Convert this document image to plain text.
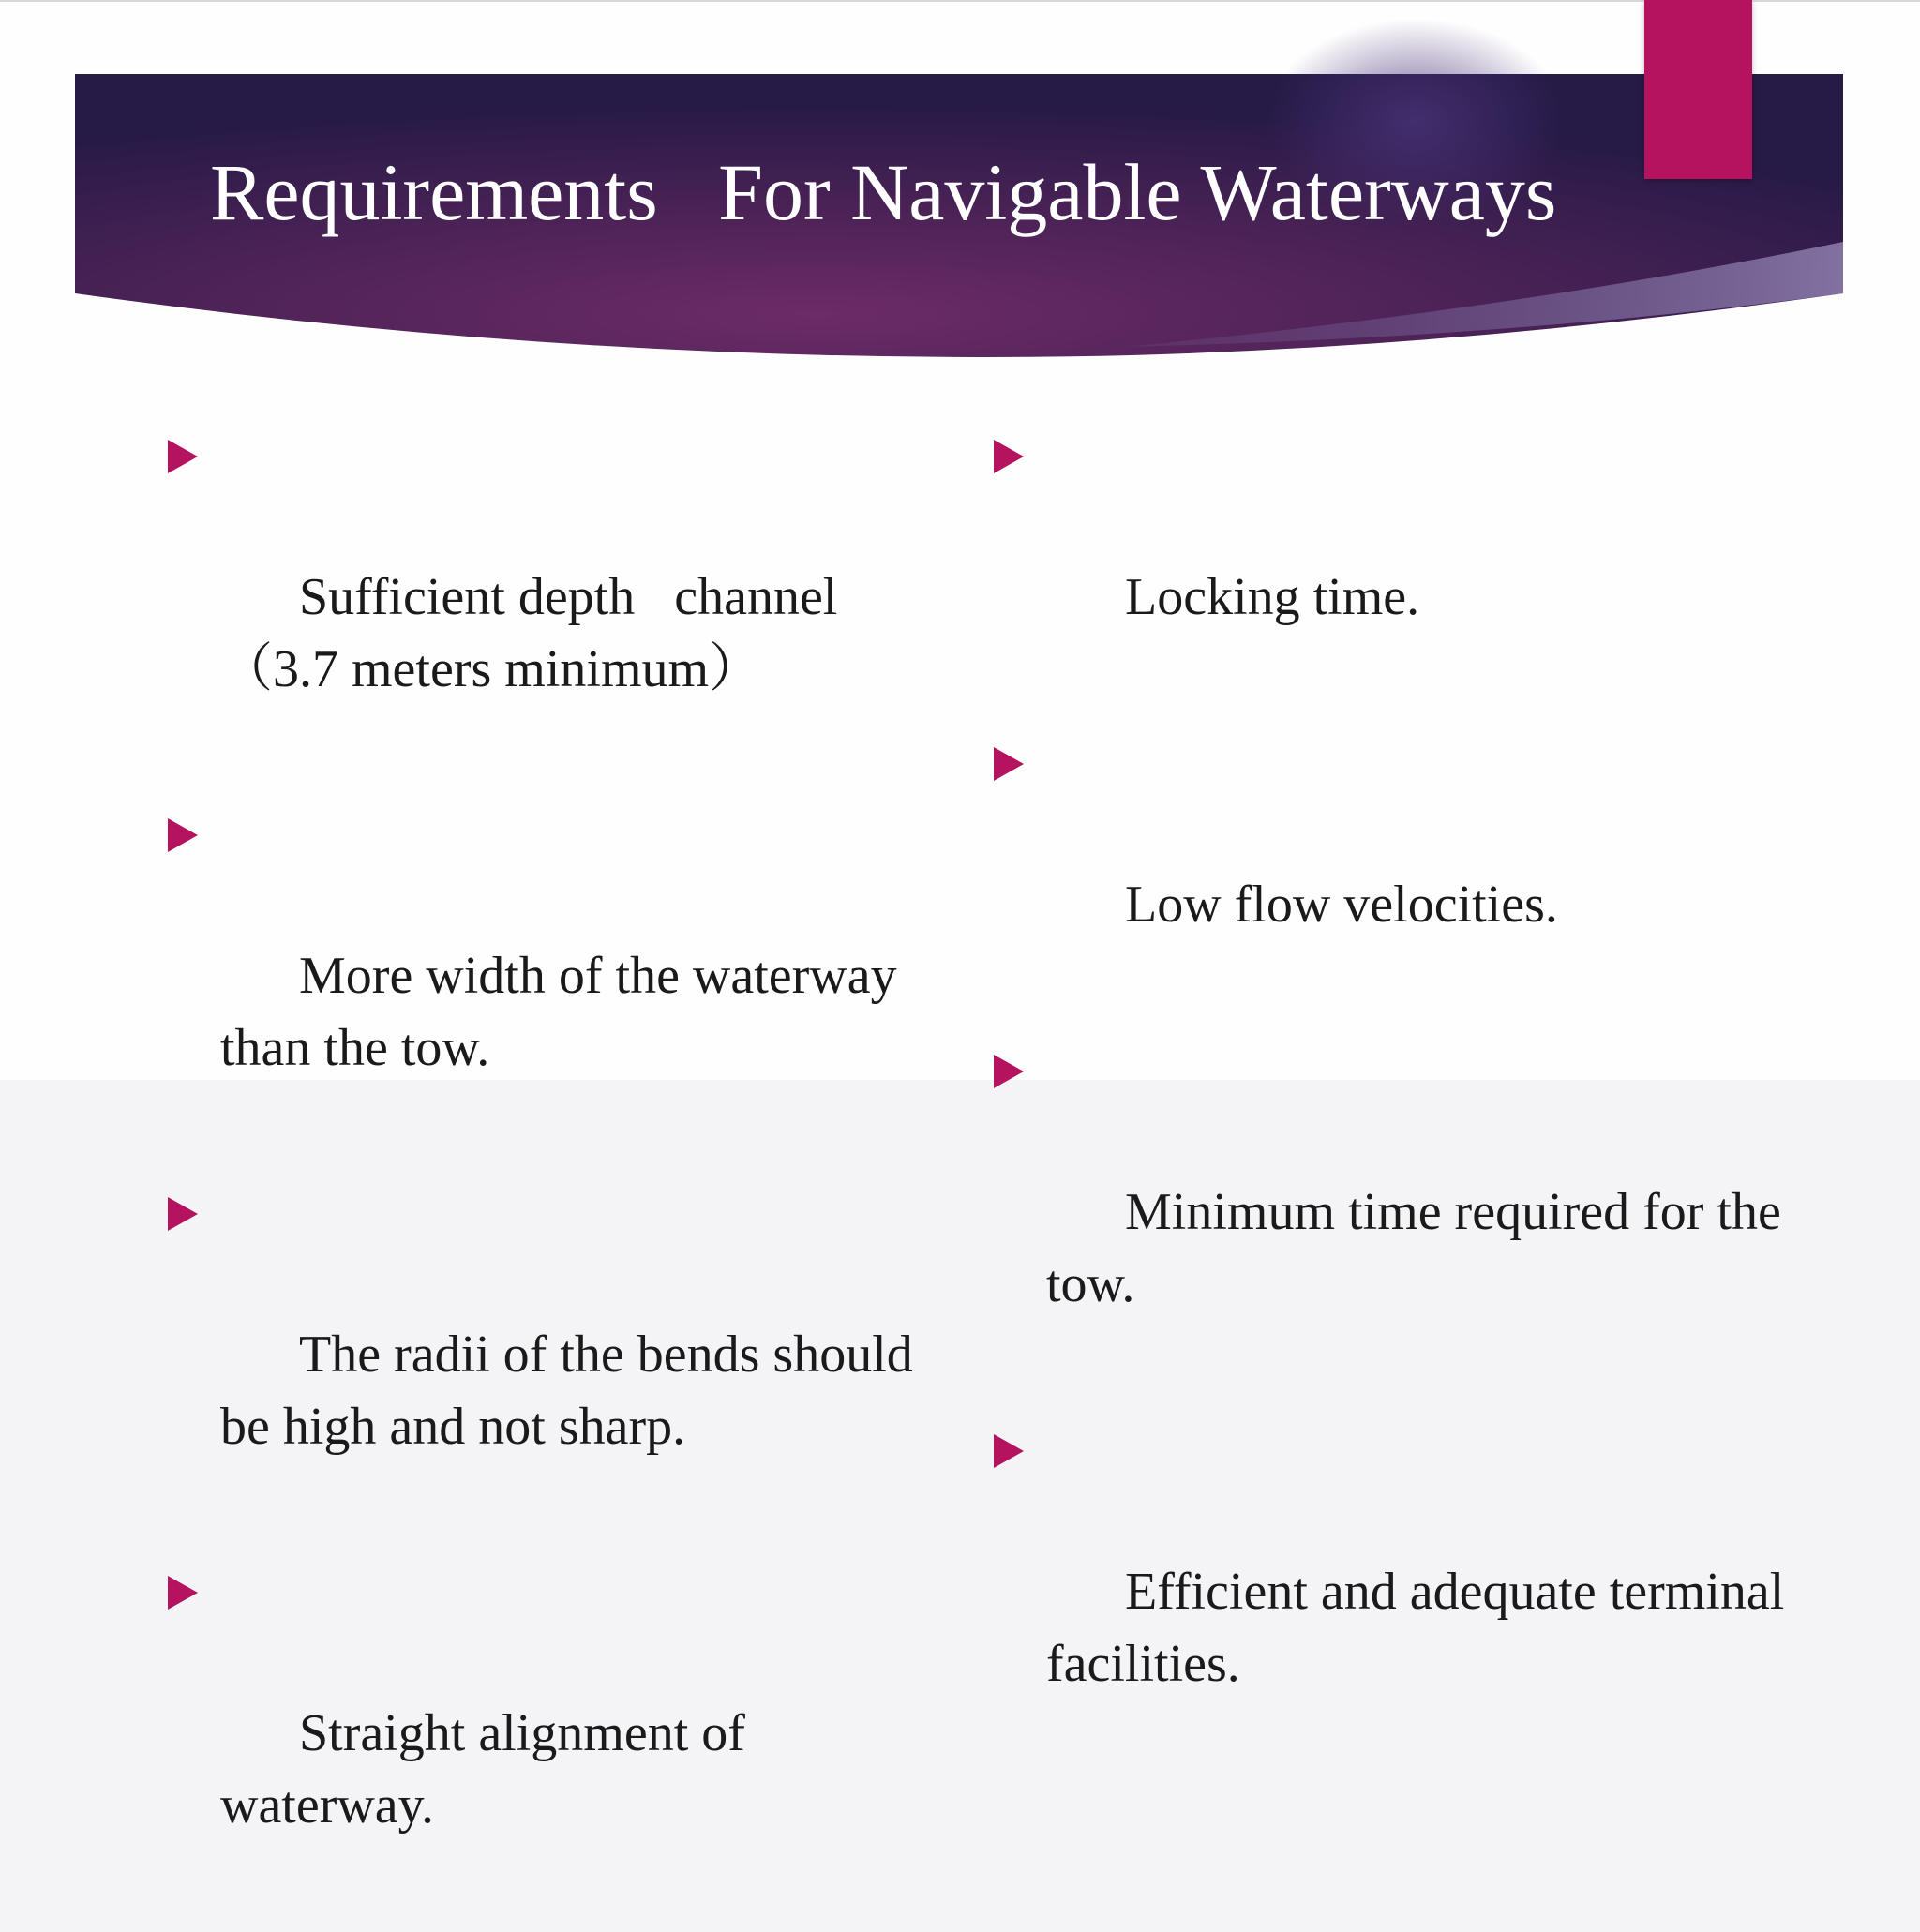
Requirements   For Navigable Waterways

Sufficient depth   channel （3.7 meters minimum）

More width of the waterway than the tow.

The radii of the bends should be high and not sharp.

Straight alignment of waterway.

Locking time.

Low flow velocities.

Minimum time required for the tow.

Efficient and adequate terminal facilities.
